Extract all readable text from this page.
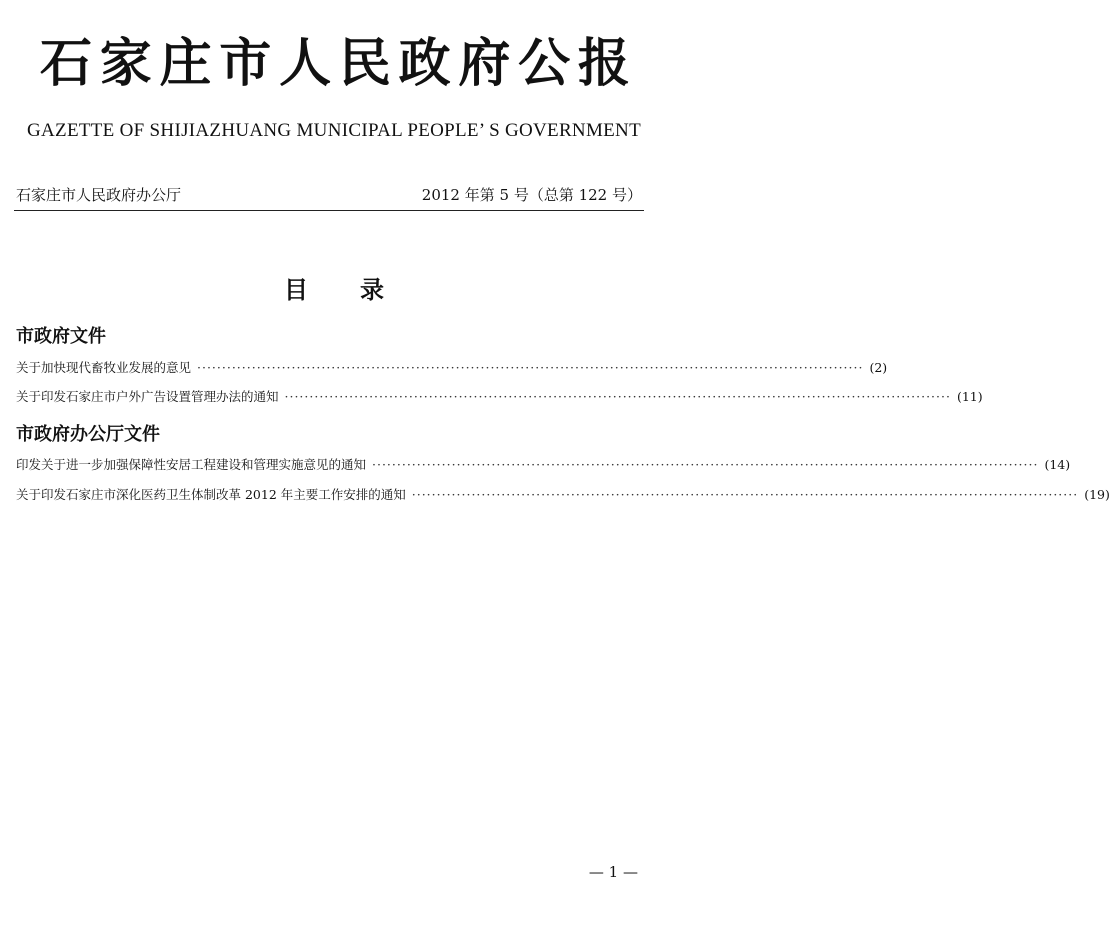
石 家 庄 市 人 民 政 府 公 报
GAZETTE OF SHIJIAZHUANG MUNICIPAL PEOPLE’ S GOVERNMENT
石家庄市人民政府办公厅	2012 年第 5 号（总第 122 号）
目录
市政府文件
关于加快现代畜牧业发展的意见 ······································································································································ (2)
关于印发石家庄市户外广告设置管理办法的通知 ······································································································································ (11)
市政府办公厅文件
印发关于进一步加强保障性安居工程建设和管理实施意见的通知 ······································································································································ (14)
关于印发石家庄市深化医药卫生体制改革 2012 年主要工作安排的通知 ······································································································································ (19)
— 1 —
